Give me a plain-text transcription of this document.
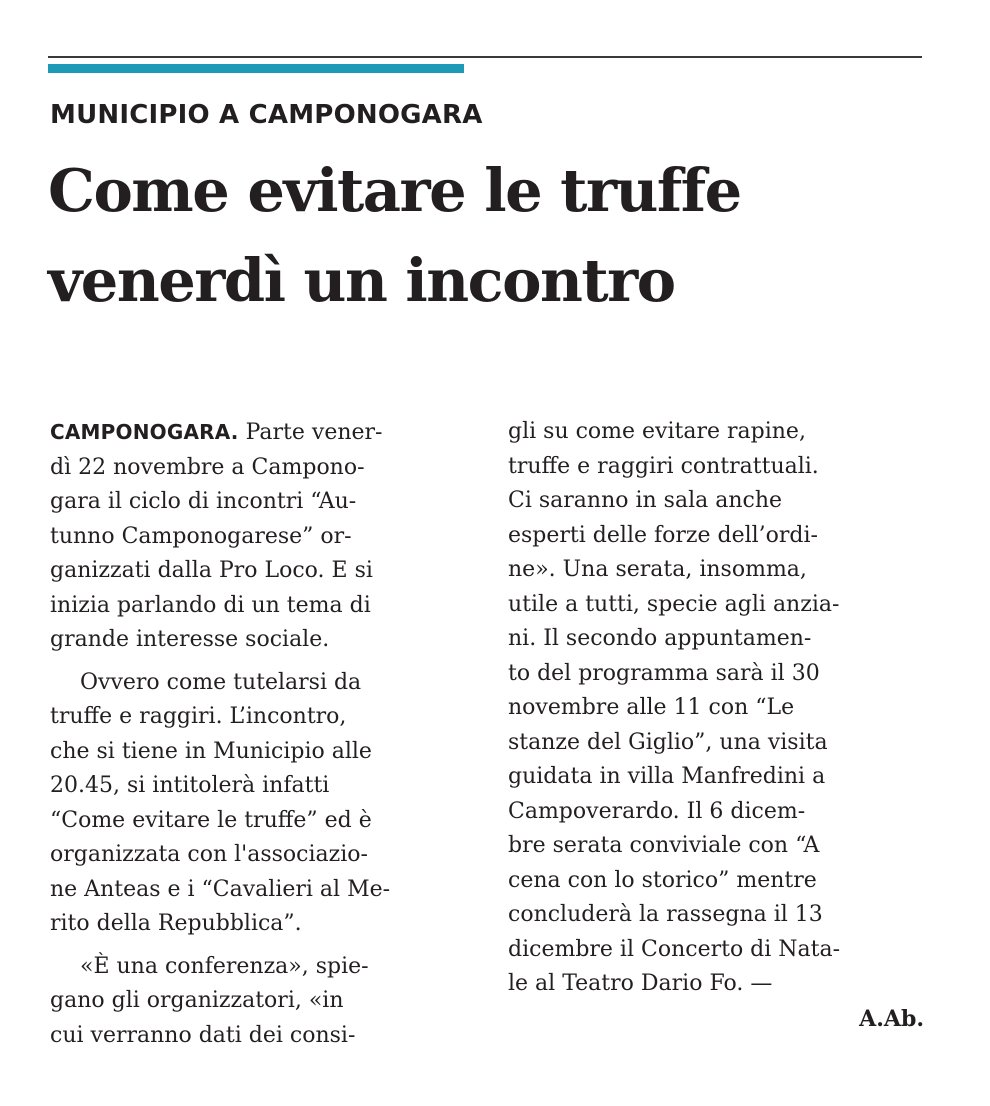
MUNICIPIO A CAMPONOGARA
Come evitare le truffe
venerdì un incontro
CAMPONOGARA. Parte vener-
dì 22 novembre a Campono-
gara il ciclo di incontri “Au-
tunno Camponogarese” or-
ganizzati dalla Pro Loco. E si
inizia parlando di un tema di
grande interesse sociale.
Ovvero come tutelarsi da
truffe e raggiri. L’incontro,
che si tiene in Municipio alle
20.45, si intitolerà infatti
“Come evitare le truffe” ed è
organizzata con l'associazio-
ne Anteas e i “Cavalieri al Me-
rito della Repubblica”.
«È una conferenza», spie-
gano gli organizzatori, «in
cui verranno dati dei consi-
gli su come evitare rapine,
truffe e raggiri contrattuali.
Ci saranno in sala anche
esperti delle forze dell’ordi-
ne». Una serata, insomma,
utile a tutti, specie agli anzia-
ni. Il secondo appuntamen-
to del programma sarà il 30
novembre alle 11 con “Le
stanze del Giglio”, una visita
guidata in villa Manfredini a
Campoverardo. Il 6 dicem-
bre serata conviviale con “A
cena con lo storico” mentre
concluderà la rassegna il 13
dicembre il Concerto di Nata-
le al Teatro Dario Fo. —
A.Ab.
